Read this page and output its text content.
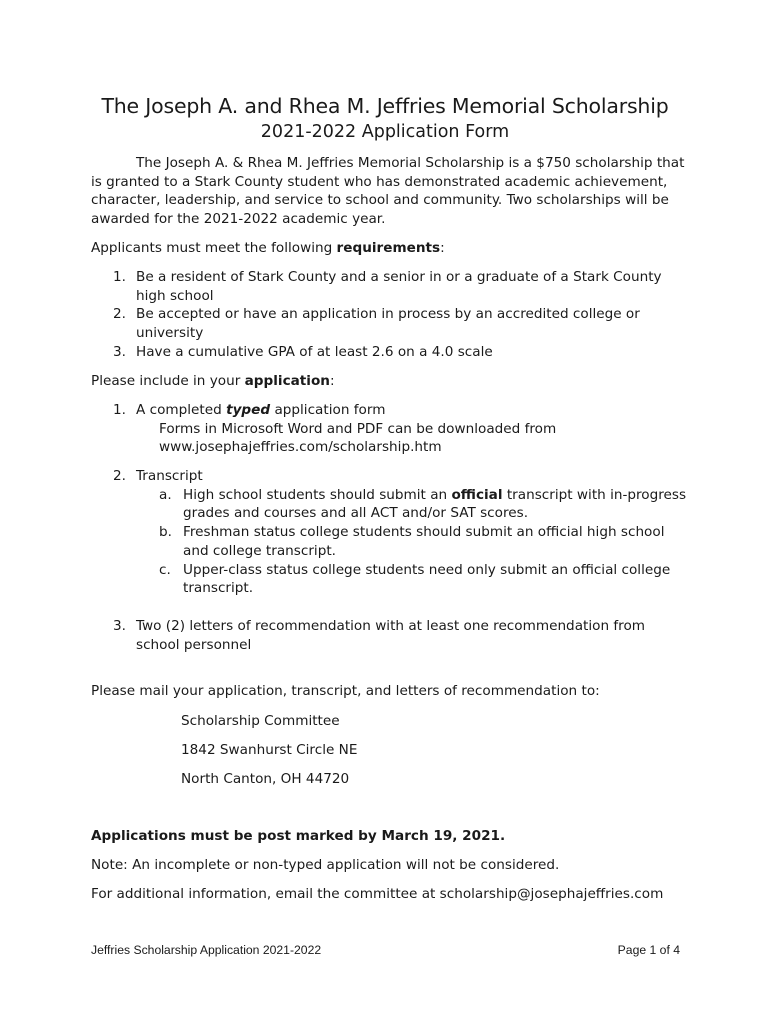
The Joseph A. and Rhea M. Jeffries Memorial Scholarship
2021-2022 Application Form

The Joseph A. & Rhea M. Jeffries Memorial Scholarship is a $750 scholarship that is granted to a Stark County student who has demonstrated academic achievement, character, leadership, and service to school and community. Two scholarships will be awarded for the 2021-2022 academic year.

Applicants must meet the following requirements:
1. Be a resident of Stark County and a senior in or a graduate of a Stark County high school
2. Be accepted or have an application in process by an accredited college or university
3. Have a cumulative GPA of at least 2.6 on a 4.0 scale
Please include in your application:
1. A completed typed application form
Forms in Microsoft Word and PDF can be downloaded from
www.josephajeffries.com/scholarship.htm
2. Transcript
a. High school students should submit an official transcript with in-progress grades and courses and all ACT and/or SAT scores.
b. Freshman status college students should submit an official high school and college transcript.
c. Upper-class status college students need only submit an official college transcript.
3. Two (2) letters of recommendation with at least one recommendation from school personnel
Please mail your application, transcript, and letters of recommendation to:
Scholarship Committee
1842 Swanhurst Circle NE
North Canton, OH 44720
Applications must be post marked by March 19, 2021.
Note: An incomplete or non-typed application will not be considered.
For additional information, email the committee at scholarship@josephajeffries.com
Jeffries Scholarship Application 2021-2022	Page 1 of 4
